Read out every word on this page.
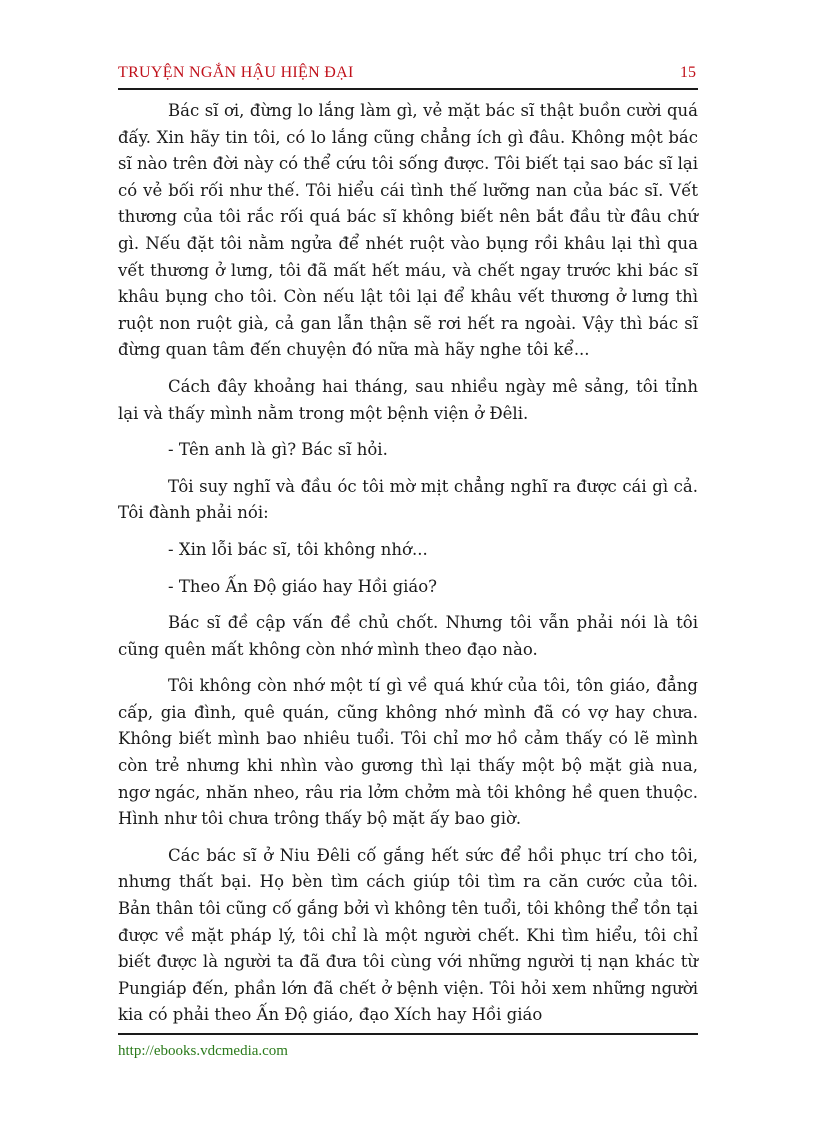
TRUYỆN NGẮN HẬU HIỆN ĐẠI	15

Bác sĩ ơi, đừng lo lắng làm gì, vẻ mặt bác sĩ thật buồn cười quá đấy. Xin hãy tin tôi, có lo lắng cũng chẳng ích gì đâu. Không một bác sĩ nào trên đời này có thể cứu tôi sống được. Tôi biết tại sao bác sĩ lại có vẻ bối rối như thế. Tôi hiểu cái tình thế lưỡng nan của bác sĩ. Vết thương của tôi rắc rối quá bác sĩ không biết nên bắt đầu từ đâu chứ gì. Nếu đặt tôi nằm ngửa để nhét ruột vào bụng rồi khâu lại thì qua vết thương ở lưng, tôi đã mất hết máu, và chết ngay trước khi bác sĩ khâu bụng cho tôi. Còn nếu lật tôi lại để khâu vết thương ở lưng thì ruột non ruột già, cả gan lẫn thận sẽ rơi hết ra ngoài. Vậy thì bác sĩ đừng quan tâm đến chuyện đó nữa mà hãy nghe tôi kể...

Cách đây khoảng hai tháng, sau nhiều ngày mê sảng, tôi tỉnh lại và thấy mình nằm trong một bệnh viện ở Đêli.

- Tên anh là gì? Bác sĩ hỏi.

Tôi suy nghĩ và đầu óc tôi mờ mịt chẳng nghĩ ra được cái gì cả. Tôi đành phải nói:

- Xin lỗi bác sĩ, tôi không nhớ...

- Theo Ấn Độ giáo hay Hồi giáo?

Bác sĩ đề cập vấn đề chủ chốt. Nhưng tôi vẫn phải nói là tôi cũng quên mất không còn nhớ mình theo đạo nào.

Tôi không còn nhớ một tí gì về quá khứ của tôi, tôn giáo, đẳng cấp, gia đình, quê quán, cũng không nhớ mình đã có vợ hay chưa. Không biết mình bao nhiêu tuổi. Tôi chỉ mơ hồ cảm thấy có lẽ mình còn trẻ nhưng khi nhìn vào gương thì lại thấy một bộ mặt già nua, ngơ ngác, nhăn nheo, râu ria lởm chởm mà tôi không hề quen thuộc. Hình như tôi chưa trông thấy bộ mặt ấy bao giờ.

Các bác sĩ ở Niu Đêli cố gắng hết sức để hồi phục trí cho tôi, nhưng thất bại. Họ bèn tìm cách giúp tôi tìm ra căn cước của tôi. Bản thân tôi cũng cố gắng bởi vì không tên tuổi, tôi không thể tồn tại được về mặt pháp lý, tôi chỉ là một người chết. Khi tìm hiểu, tôi chỉ biết được là người ta đã đưa tôi cùng với những người tị nạn khác từ Pungiáp đến, phần lớn đã chết ở bệnh viện. Tôi hỏi xem những người kia có phải theo Ấn Độ giáo, đạo Xích hay Hồi giáo

http://ebooks.vdcmedia.com
